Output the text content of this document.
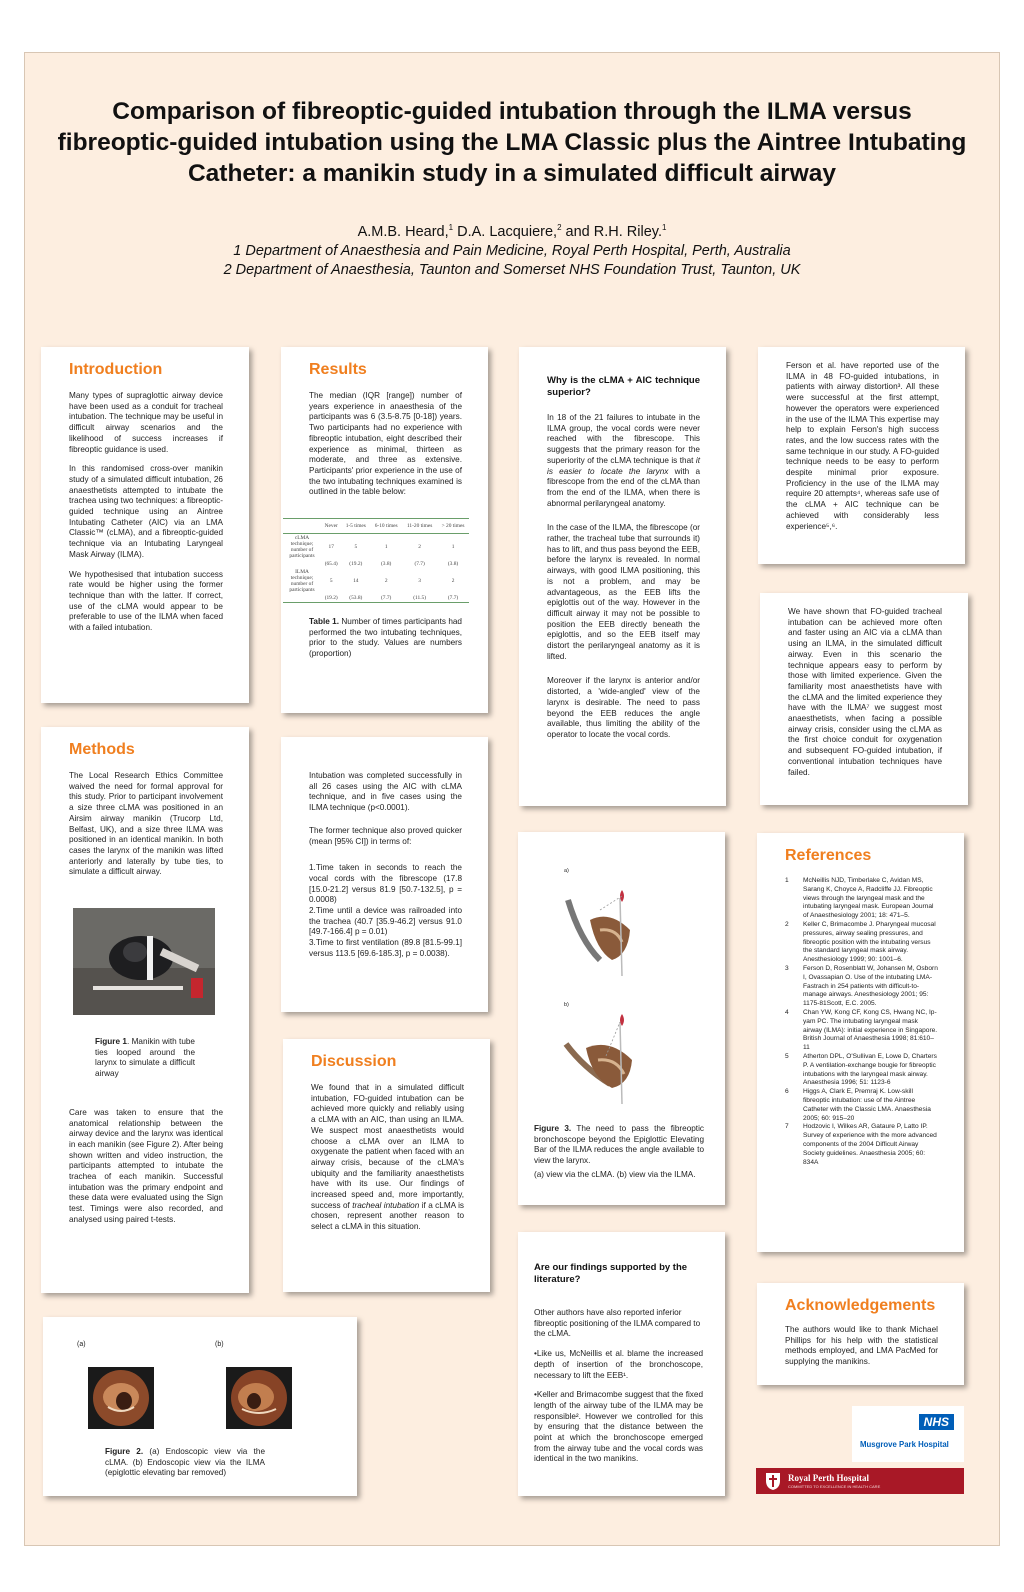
Comparison of fibreoptic-guided intubation through the ILMA versus
fibreoptic-guided intubation using the LMA Classic plus the Aintree Intubating
Catheter: a manikin study in a simulated difficult airway
A.M.B. Heard,$^1$ D.A. Lacquiere,$^2$ and R.H. Riley.$^1$
1 Department of Anaesthesia and Pain Medicine, Royal Perth Hospital, Perth, Australia
2 Department of Anaesthesia, Taunton and Somerset NHS Foundation Trust, Taunton, UK
Introduction

Many types of supraglottic airway device have been used as a conduit for tracheal intubation. The technique may be useful in difficult airway scenarios and the likelihood of success increases if fibreoptic guidance is used.

In this randomised cross-over manikin study of a simulated difficult intubation, 26 anaesthetists attempted to intubate the trachea using two techniques: a fibreoptic-guided technique using an Aintree Intubating Catheter (AIC) via an LMA Classic™ (cLMA), and a fibreoptic-guided technique via an Intubating Laryngeal Mask Airway (ILMA).

We hypothesised that intubation success rate would be higher using the former technique than with the latter. If correct, use of the cLMA would appear to be preferable to use of the ILMA when faced with a failed intubation.

Methods

The Local Research Ethics Committee waived the need for formal approval for this study. Prior to participant involvement a size three cLMA was positioned in an Airsim airway manikin (Trucorp Ltd, Belfast, UK), and a size three ILMA was positioned in an identical manikin. In both cases the larynx of the manikin was lifted anteriorly and laterally by tube ties, to simulate a difficult airway.

Figure 1. Manikin with tube ties looped around the larynx to simulate a difficult airway

Care was taken to ensure that the anatomical relationship between the airway device and the larynx was identical in each manikin (see Figure 2). After being shown written and video instruction, the participants attempted to intubate the trachea of each manikin. Successful intubation was the primary endpoint and these data were evaluated using the Sign test. Timings were also recorded, and analysed using paired t-tests.

(a)	(b)

Figure 2. (a) Endoscopic view via the cLMA. (b) Endoscopic view via the ILMA (epiglottic elevating bar removed)

Results

The median (IQR [range]) number of years experience in anaesthesia of the participants was 6 (3.5-8.75 [0-18]) years. Two participants had no experience with fibreoptic intubation, eight described their experience as minimal, thirteen as moderate, and three as extensive. Participants' prior experience in the use of the two intubating techniques examined is outlined in the table below:

	Never	1-5 times	6-10 times	11-20 times	> 20 times
cLMA technique; number of participants	17	5	1	2	1
	(65.4)	(19.2)	(3.8)	(7.7)	(3.8)
ILMA technique; number of participants	5	14	2	3	2
	(19.2)	(53.8)	(7.7)	(11.5)	(7.7)

Table 1. Number of times participants had performed the two intubating techniques, prior to the study. Values are numbers (proportion)

Intubation was completed successfully in all 26 cases using the AIC with cLMA technique, and in five cases using the ILMA technique (p<0.0001).

The former technique also proved quicker (mean [95% CI]) in terms of:

1.Time taken in seconds to reach the vocal cords with the fibrescope (17.8 [15.0-21.2] versus 81.9 [50.7-132.5], p = 0.0008)

2.Time until a device was railroaded into the trachea (40.7 [35.9-46.2] versus 91.0 [49.7-166.4] p = 0.01)

3.Time to first ventilation (89.8 [81.5-99.1] versus 113.5 [69.6-185.3], p = 0.0038).

Discussion

We found that in a simulated difficult intubation, FO-guided intubation can be achieved more quickly and reliably using a cLMA with an AIC, than using an ILMA. We suspect most anaesthetists would choose a cLMA over an ILMA to oxygenate the patient when faced with an airway crisis, because of the cLMA's ubiquity and the familiarity anaesthetists have with its use. Our findings of increased speed and, more importantly, success of tracheal intubation if a cLMA is chosen, represent another reason to select a cLMA in this situation.

Why is the cLMA + AIC technique superior?

In 18 of the 21 failures to intubate in the ILMA group, the vocal cords were never reached with the fibrescope. This suggests that the primary reason for the superiority of the cLMA technique is that it is easier to locate the larynx with a fibrescope from the end of the cLMA than from the end of the ILMA, when there is abnormal perilaryngeal anatomy.

In the case of the ILMA, the fibrescope (or rather, the tracheal tube that surrounds it) has to lift, and thus pass beyond the EEB, before the larynx is revealed. In normal airways, with good ILMA positioning, this is not a problem, and may be advantageous, as the EEB lifts the epiglottis out of the way. However in the difficult airway it may not be possible to position the EEB directly beneath the epiglottis, and so the EEB itself may distort the perilaryngeal anatomy as it is lifted.

Moreover if the larynx is anterior and/or distorted, a 'wide-angled' view of the larynx is desirable. The need to pass beyond the EEB reduces the angle available, thus limiting the ability of the operator to locate the vocal cords.

a)
b)

Figure 3. The need to pass the fibreoptic bronchoscope beyond the Epiglottic Elevating Bar of the ILMA reduces the angle available to view the larynx.

(a) view via the cLMA. (b) view via the ILMA.

Are our findings supported by the literature?

Other authors have also reported inferior fibreoptic positioning of the ILMA compared to the cLMA.

•Like us, McNeillis et al. blame the increased depth of insertion of the bronchoscope, necessary to lift the EEB¹.

•Keller and Brimacombe suggest that the fixed length of the airway tube of the ILMA may be responsible². However we controlled for this by ensuring that the distance between the point at which the bronchoscope emerged from the airway tube and the vocal cords was identical in the two manikins.

Ferson et al. have reported use of the ILMA in 48 FO-guided intubations, in patients with airway distortion³. All these were successful at the first attempt, however the operators were experienced in the use of the ILMA This expertise may help to explain Ferson's high success rates, and the low success rates with the same technique in our study. A FO-guided technique needs to be easy to perform despite minimal prior exposure. Proficiency in the use of the ILMA may require 20 attempts⁴, whereas safe use of the cLMA + AIC technique can be achieved with considerably less experience⁵,⁶.

We have shown that FO-guided tracheal intubation can be achieved more often and faster using an AIC via a cLMA than using an ILMA, in the simulated difficult airway. Even in this scenario the technique appears easy to perform by those with limited experience. Given the familiarity most anaesthetists have with the cLMA and the limited experience they have with the ILMA⁷ we suggest most anaesthetists, when facing a possible airway crisis, consider using the cLMA as the first choice conduit for oxygenation and subsequent FO-guided intubation, if conventional intubation techniques have failed.

References
1	McNeillis NJD, Timberlake C, Avidan MS, Sarang K, Choyce A, Radcliffe JJ. Fibreoptic views through the laryngeal mask and the intubating laryngeal mask. European Journal of Anaesthesiology 2001; 18: 471–5.
2	Keller C, Brimacombe J. Pharyngeal mucosal pressures, airway sealing pressures, and fibreoptic position with the intubating versus the standard laryngeal mask airway. Anesthesiology 1999; 90: 1001–6.
3	Ferson D, Rosenblatt W, Johansen M, Osborn I, Ovassapian O. Use of the intubating LMA-Fastrach in 254 patients with difficult-to-manage airways. Anesthesiology 2001; 95: 1175-81Scott, E.C. 2005.
4	Chan YW, Kong CF, Kong CS, Hwang NC, Ip-yam PC. The intubating laryngeal mask airway (ILMA): initial experience in Singapore. British Journal of Anaesthesia 1998; 81:610–11
5	Atherton DPL, O'Sullivan E, Lowe D, Charters P. A ventilation-exchange bougie for fibreoptic intubations with the laryngeal mask airway. Anaesthesia 1996; 51: 1123-6
6	Higgs A, Clark E, Premraj K. Low-skill fibreoptic intubation: use of the Aintree Catheter with the Classic LMA. Anaesthesia 2005; 60: 915–20
7	Hodzovic I, Wilkes AR, Gataure P, Latto IP. Survey of experience with the more advanced components of the 2004 Difficult Airway Society guidelines. Anaesthesia 2005; 60: 834A
Acknowledgements

The authors would like to thank Michael Phillips for his help with the statistical methods employed, and LMA PacMed for supplying the manikins.

NHS
Musgrove Park Hospital
Royal Perth Hospital
COMMITTED TO EXCELLENCE IN HEALTH CARE
